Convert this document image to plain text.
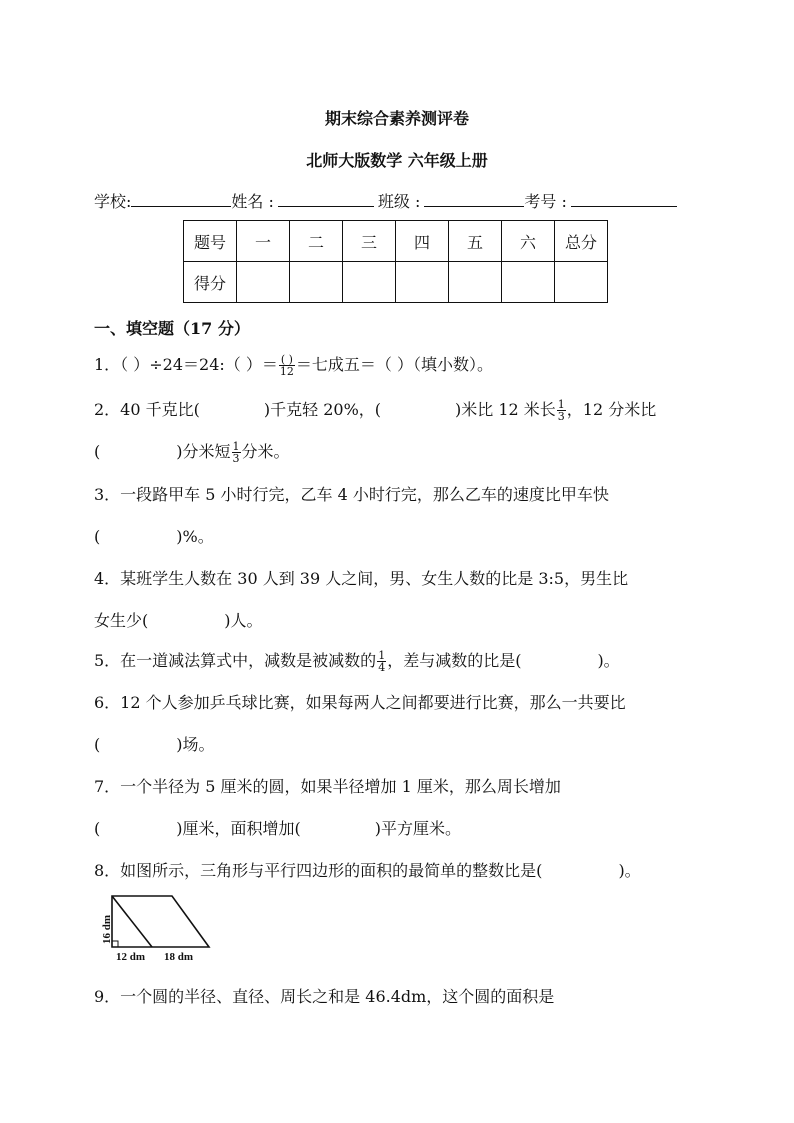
期末综合素养测评卷
北师大版数学 六年级上册
学校:	姓名 :	班级 :	考号 :
题号	一	二	三	四	五	六	总分
得分							
一、填空题（17 分）
1．（ ）÷24＝24:（ ）＝ $\frac{( )}{12}$ ＝七成五＝（ ）（填小数）。
2．40 千克比(	)千克轻 20%，(	)米比 12 米长 $\frac{1}{3}$ ，12 分米比
(	)分米短 $\frac{1}{3}$ 分米。
3．一段路甲车 5 小时行完，乙车 4 小时行完，那么乙车的速度比甲车快
(	)%。
4．某班学生人数在 30 人到 39 人之间，男、女生人数的比是 3:5，男生比
女生少(	)人。
5．在一道减法算式中，减数是被减数的 $\frac{1}{4}$ ，差与减数的比是(	)。
6．12 个人参加乒乓球比赛，如果每两人之间都要进行比赛，那么一共要比
(	)场。
7．一个半径为 5 厘米的圆，如果半径增加 1 厘米，那么周长增加
(	)厘米，面积增加(	)平方厘米。
8．如图所示，三角形与平行四边形的面积的最简单的整数比是(	)。
16 dm
12 dm 18 dm
9．一个圆的半径、直径、周长之和是 46.4dm，这个圆的面积是
